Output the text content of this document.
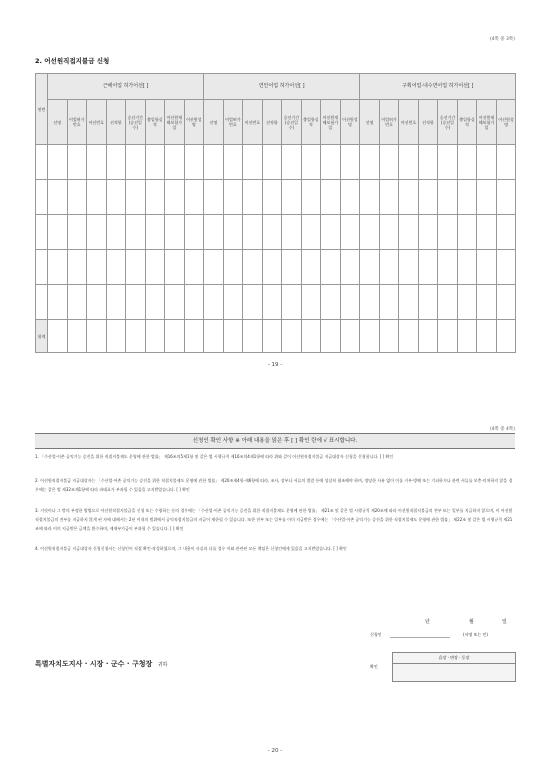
(4쪽 중 3쪽)
2. 어선원직접지불금 신청
연번	근해어업 허가어선[ ]								연안어업 허가어선[ ]								구획어업·내수면어업 허가어선[ ]							
	선명	어업허가번호	어선번호	선적항	승선기간(승선일수)	출입항실적	어선원재해보험가입	어선원성명	선명	어업허가번호	어선번호	선적항	승선기간(승선일수)	출입항실적	어선원재해보험가입	어선원성명	선명	어업허가번호	어선번호	선적항	승선기간(승선일수)	출입항실적	어선원재해보험가입	어선원성명

합계																								
- 19 -
(4쪽 중 4쪽)
신청인 확인 사항 ※ 아래 내용을 읽은 후 [ ] 확인 란에 √ 표시합니다.
1. 「수산업·어촌 공익기능 증진을 위한 직접지불제도 운영에 관한 법률」 제16조의5제1항 및 같은 법 시행규칙 제16조의4제1항에 따라 위와 같이 어선원직접지불금 지급대상자 신청을 신청합니다. [ ] 확인
2. 어선원직접지불금 지급대상자는 「수산업·어촌 공익기능 증진을 위한 직접지불제도 운영에 관한 법률」 제20조제4항·제6항에 따라, 조사, 장부나 서류의 열람 등에 성실히 협조해야 하며, 정당한 사유 없이 이를 거부·방해 또는 기피하거나 관련 서류를 보충·미처하지 않을 경우에는 같은 법 제32조제1항에 따라 과태료가 부과될 수 있음을 고지받았습니다. [ ] 확인
3. 거짓이나 그 밖의 부정한 방법으로 어선원직접지불금을 신청 또는 수령하는 등의 경우에는 「수산업·어촌 공익기능 증진을 위한 직접지불제도 운영에 관한 법률」 제21조 및 같은 법 시행규칙 제20조에 따라 어선원직접지불금의 전부 또는 일부를 지급하지 않으며, 이 어선원직접지불금의 전부를 지급하지 않게 된 자에 대해서는 2년 이내의 범위에서 공익직접지불금의 지급이 제한될 수 있습니다. 또한 전부 또는 일부를 이미 지급받은 경우에는 「수산업·어촌 공익기능 증진을 위한 직접지불제도 운영에 관한 법률」 제22조 및 같은 법 시행규칙 제21조에 따라 이미 지급받은 금액을 환수하며, 제재부가금이 부과될 수 있습니다. [ ] 확인
4. 어선원직접지불금 지급대상자 신청신청서는 신청인이 직접 확인·작성하였으며, 그 내용이 사실과 다를 경우 이와 관련된 모든 책임은 신청인에게 있음을 고지받았습니다. [ ] 확인
년	월	일
신청인	(서명 또는 인)
특별자치도지사 · 시장 · 군수 · 구청장 귀하	확인
읍장 · 면장 · 동장
- 20 -
